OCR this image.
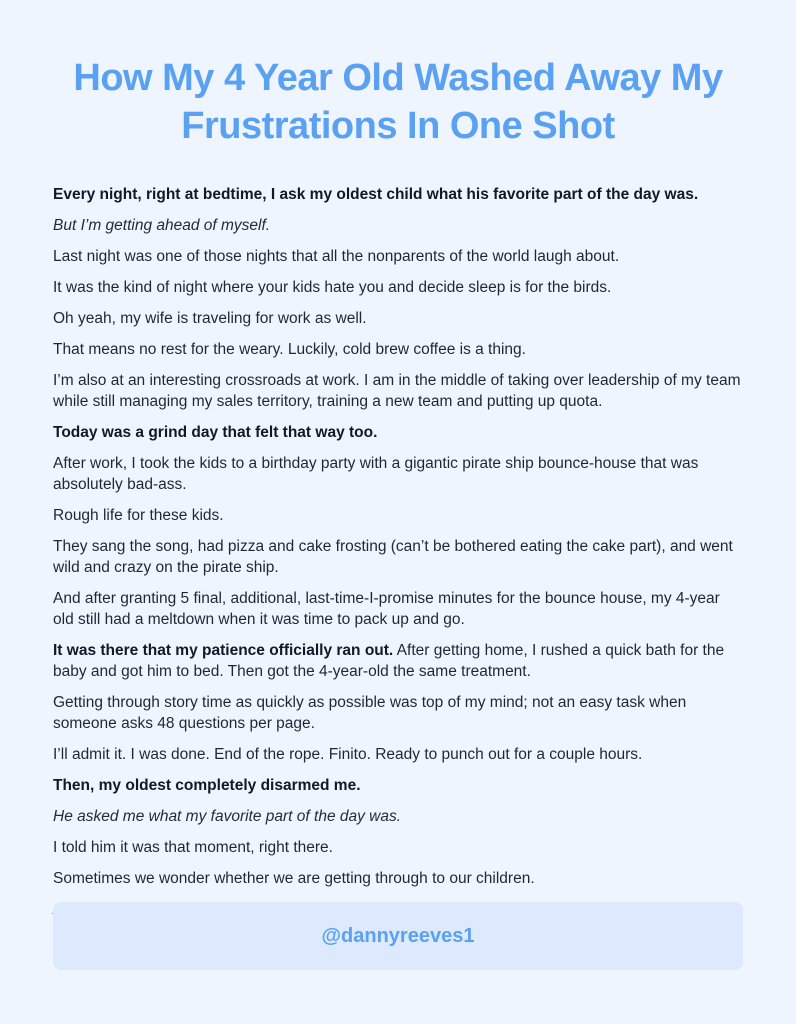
How My 4 Year Old Washed Away My Frustrations In One Shot

Every night, right at bedtime, I ask my oldest child what his favorite part of the day was.

But I’m getting ahead of myself.

Last night was one of those nights that all the nonparents of the world laugh about.

It was the kind of night where your kids hate you and decide sleep is for the birds.

Oh yeah, my wife is traveling for work as well.

That means no rest for the weary. Luckily, cold brew coffee is a thing.

I’m also at an interesting crossroads at work. I am in the middle of taking over leadership of my team while still managing my sales territory, training a new team and putting up quota.

Today was a grind day that felt that way too.

After work, I took the kids to a birthday party with a gigantic pirate ship bounce-house that was absolutely bad-ass.

Rough life for these kids.

They sang the song, had pizza and cake frosting (can’t be bothered eating the cake part), and went wild and crazy on the pirate ship.

And after granting 5 final, additional, last-time-I-promise minutes for the bounce house, my 4-year old still had a meltdown when it was time to pack up and go.

It was there that my patience officially ran out. After getting home, I rushed a quick bath for the baby and got him to bed. Then got the 4-year-old the same treatment.

Getting through story time as quickly as possible was top of my mind; not an easy task when someone asks 48 questions per page.

I’ll admit it. I was done. End of the rope. Finito. Ready to punch out for a couple hours.

Then, my oldest completely disarmed me.

He asked me what my favorite part of the day was.

I told him it was that moment, right there.

Sometimes we wonder whether we are getting through to our children.

@dannyreeves1
